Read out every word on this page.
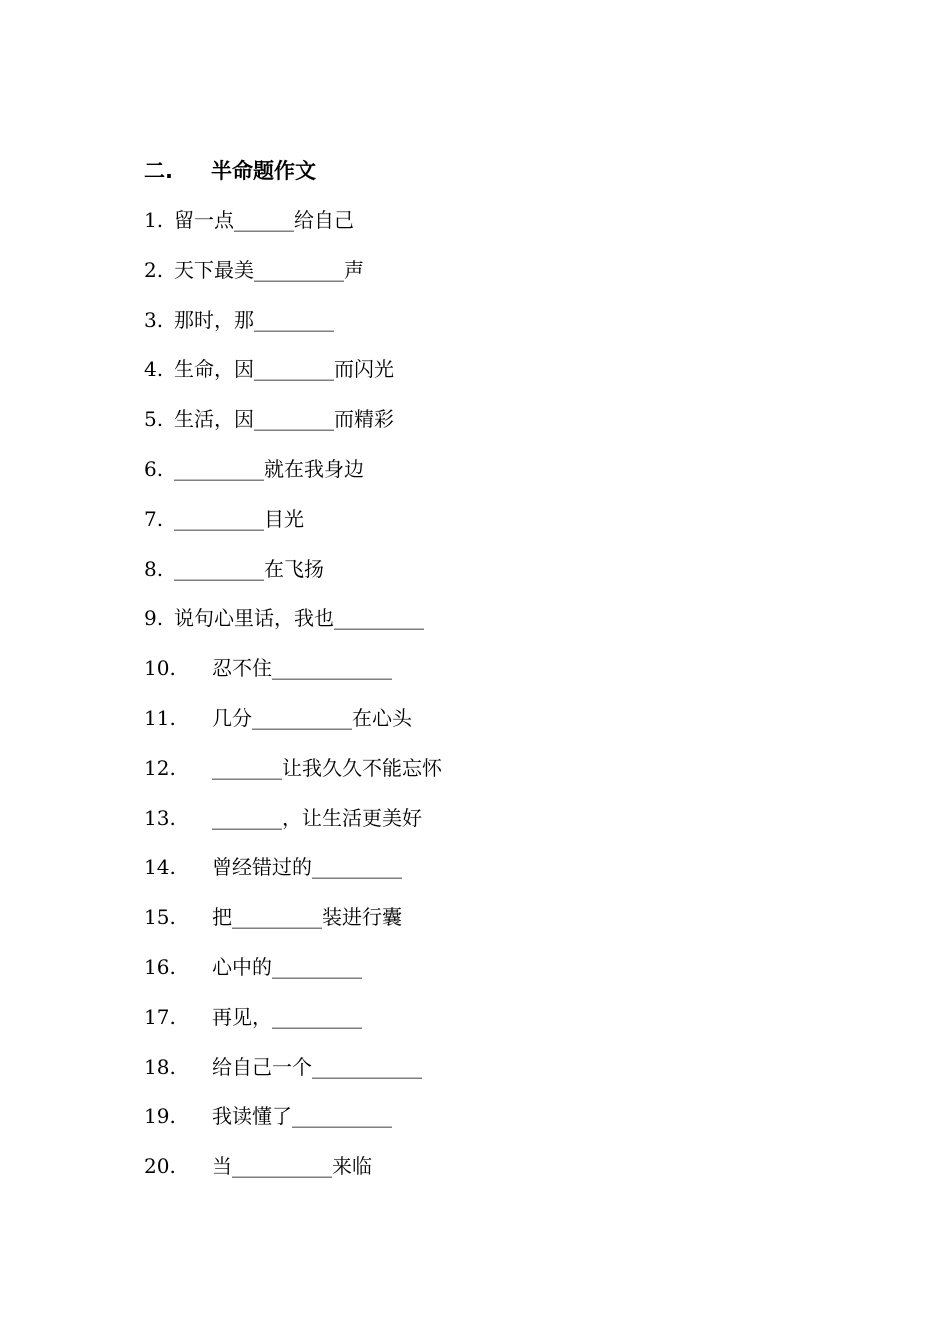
二. 半命题作文
1. 留一点______给自己
2. 天下最美_________声
3. 那时，那________
4. 生命，因________而闪光
5. 生活，因________而精彩
6. _________就在我身边
7. _________目光
8. _________在飞扬
9. 说句心里话，我也_________
10. 忍不住____________
11. 几分__________在心头
12. _______让我久久不能忘怀
13. _______，让生活更美好
14. 曾经错过的_________
15. 把_________装进行囊
16. 心中的_________
17. 再见，_________
18. 给自己一个___________
19. 我读懂了__________
20. 当__________来临
